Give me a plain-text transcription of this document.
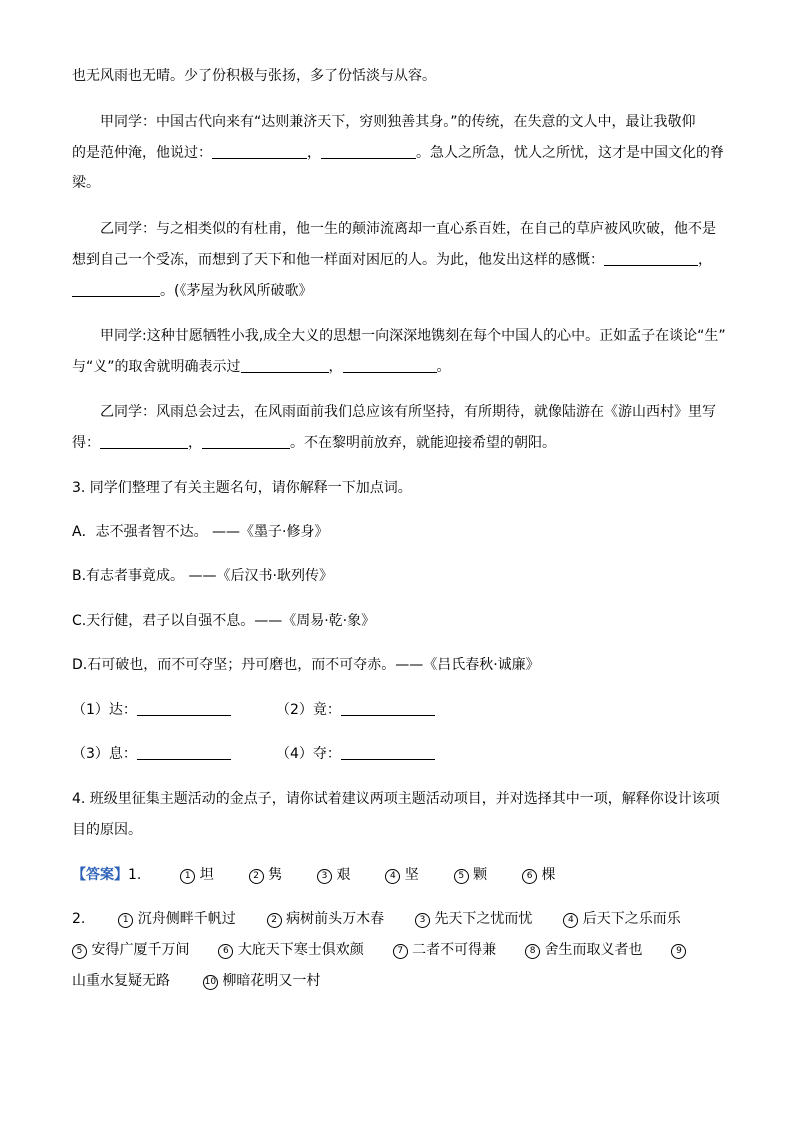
也无风雨也无晴。少了份积极与张扬，多了份恬淡与从容。
甲同学：中国古代向来有“达则兼济天下，穷则独善其身。”的传统，在失意的文人中，最让我敬仰
的是范仲淹，他说过：	，	。急人之所急，忧人之所忧，这才是中国文化的脊
梁。
乙同学：与之相类似的有杜甫，他一生的颠沛流离却一直心系百姓，在自己的草庐被风吹破，他不是
想到自己一个受冻，而想到了天下和他一样面对困厄的人。为此，他发出这样的感慨：	，
。(《茅屋为秋风所破歌》
甲同学:这种甘愿牺牲小我,成全大义的思想一向深深地镌刻在每个中国人的心中。正如孟子在谈论“生”
与“义”的取舍就明确表示过	，	。
乙同学：风雨总会过去，在风雨面前我们总应该有所坚持，有所期待，就像陆游在《游山西村》里写
得：	，	。不在黎明前放弃，就能迎接希望的朝阳。
3. 同学们整理了有关主题名句，请你解释一下加点词。
A．志不强者智不达。 ——《墨子·修身》
B.有志者事竟成。 ——《后汉书·耿列传》
C.天行健，君子以自强不息。——《周易·乾·象》
D.石可破也，而不可夺坚；丹可磨也，而不可夺赤。——《吕氏春秋·诚廉》
（1）达：	（2）竟：
（3）息：	（4）夺：
4. 班级里征集主题活动的金点子，请你试着建议两项主题活动项目，并对选择其中一项，解释你设计该项
目的原因。
【答案】1.	1 坦	2 隽	3 艰	4 坚	5 颗	6 棵
2.	1 沉舟侧畔千帆过	2 病树前头万木春	3 先天下之忧而忧	4 后天下之乐而乐
5 安得广厦千万间	6 大庇天下寒士俱欢颜	7 二者不可得兼	8 舍生而取义者也	9
山重水复疑无路	10 柳暗花明又一村
